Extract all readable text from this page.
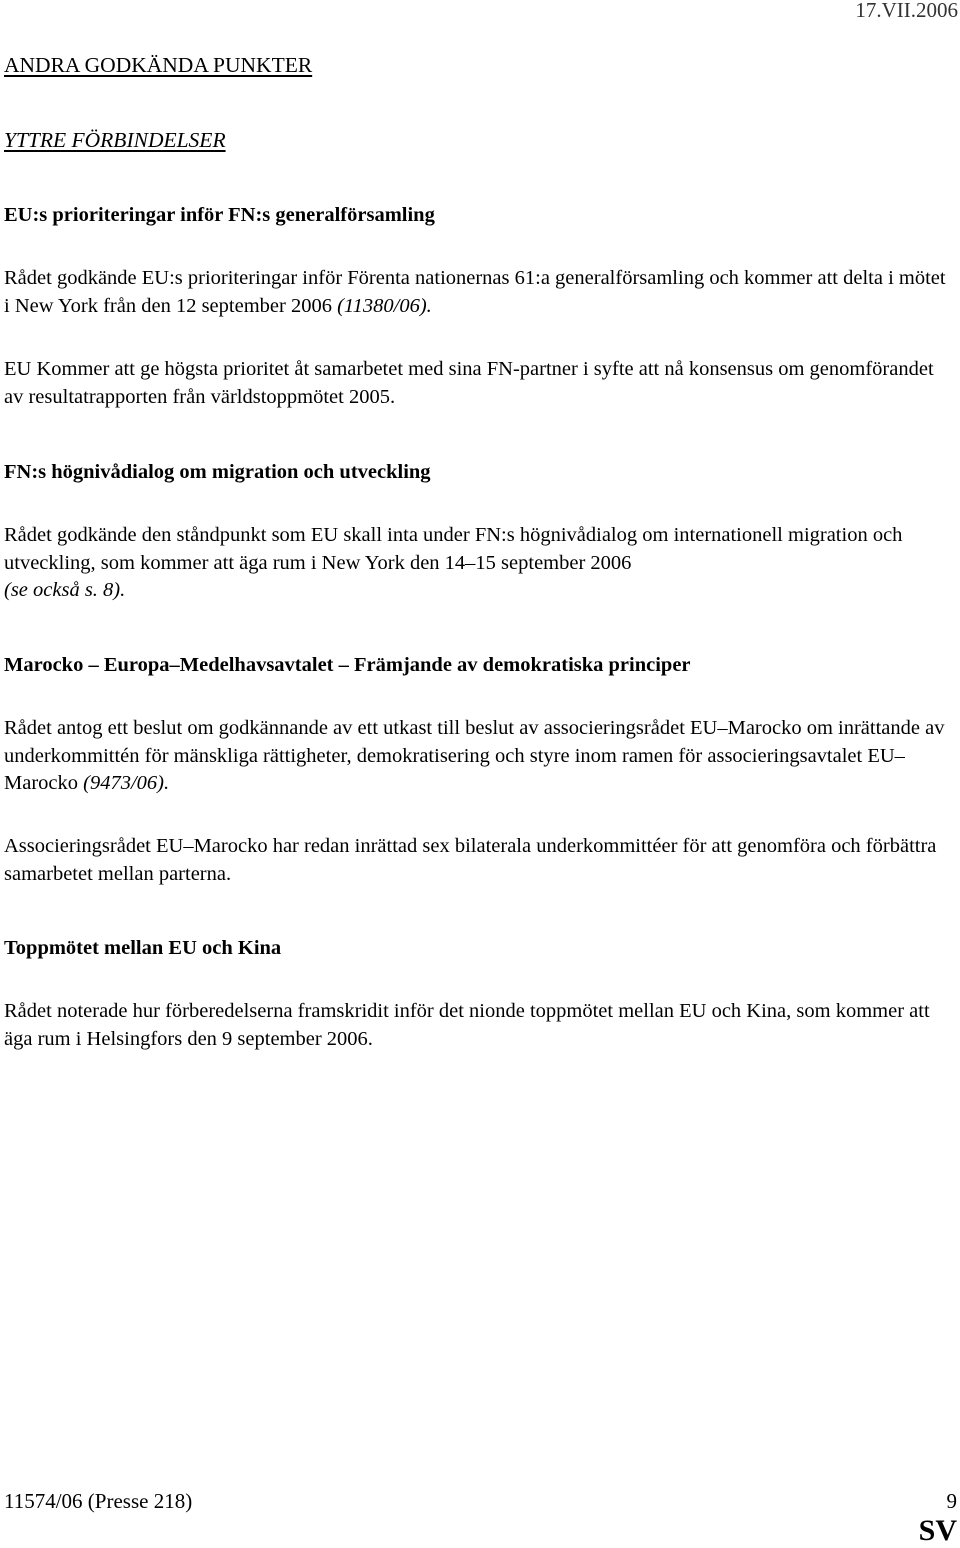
17.VII.2006
ANDRA GODKÄNDA PUNKTER
YTTRE FÖRBINDELSER
EU:s prioriteringar inför FN:s generalförsamling

Rådet godkände EU:s prioriteringar inför Förenta nationernas 61:a generalförsamling och kommer att delta i mötet i New York från den 12 september 2006 (11380/06).

EU Kommer att ge högsta prioritet åt samarbetet med sina FN-partner i syfte att nå konsensus om genomförandet av resultatrapporten från världstoppmötet 2005.

FN:s högnivådialog om migration och utveckling

Rådet godkände den ståndpunkt som EU skall inta under FN:s högnivådialog om internationell migration och utveckling, som kommer att äga rum i New York den 14–15 september 2006
(se också s. 8).

Marocko – Europa–Medelhavsavtalet – Främjande av demokratiska principer

Rådet antog ett beslut om godkännande av ett utkast till beslut av associeringsrådet EU–Marocko om inrättande av underkommittén för mänskliga rättigheter, demokratisering och styre inom ramen för associeringsavtalet EU–Marocko (9473/06).

Associeringsrådet EU–Marocko har redan inrättad sex bilaterala underkommittéer för att genomföra och förbättra samarbetet mellan parterna.

Toppmötet mellan EU och Kina

Rådet noterade hur förberedelserna framskridit inför det nionde toppmötet mellan EU och Kina, som kommer att äga rum i Helsingfors den 9 september 2006.

11574/06 (Presse 218)	9
SV
